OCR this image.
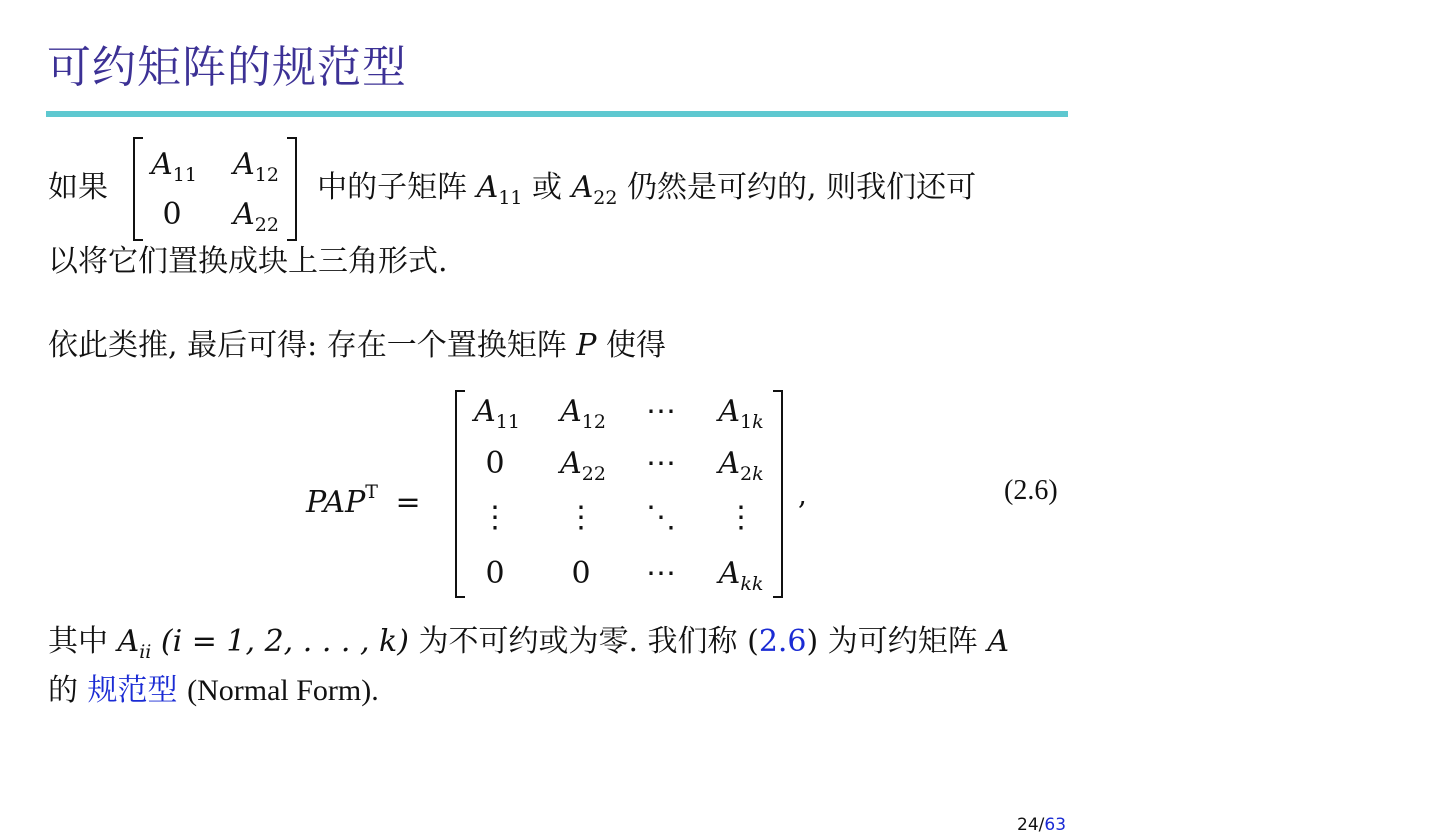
可约矩阵的规范型
如果	中的子矩阵 $A_{11}$ 或 $A_{22}$ 仍然是可约的, 则我们还可
$A_{11}$	$A_{12}$
0	$A_{22}$
以将它们置换成块上三角形式.
依此类推, 最后可得: 存在一个置换矩阵 P 使得
$PAP^T$ =
$A_{11}$	$A_{12}$	⋯	$A_{1k}$
0	$A_{22}$	⋯	$A_{2k}$
⋮	⋮	⋱	⋮
0	0	⋯	$A_{kk}$
,	(2.6)
其中 $A_{ii}$ (i = 1, 2, . . . , k) 为不可约或为零. 我们称 (2.6) 为可约矩阵 A
的 规范型 (Normal Form).
24/63
